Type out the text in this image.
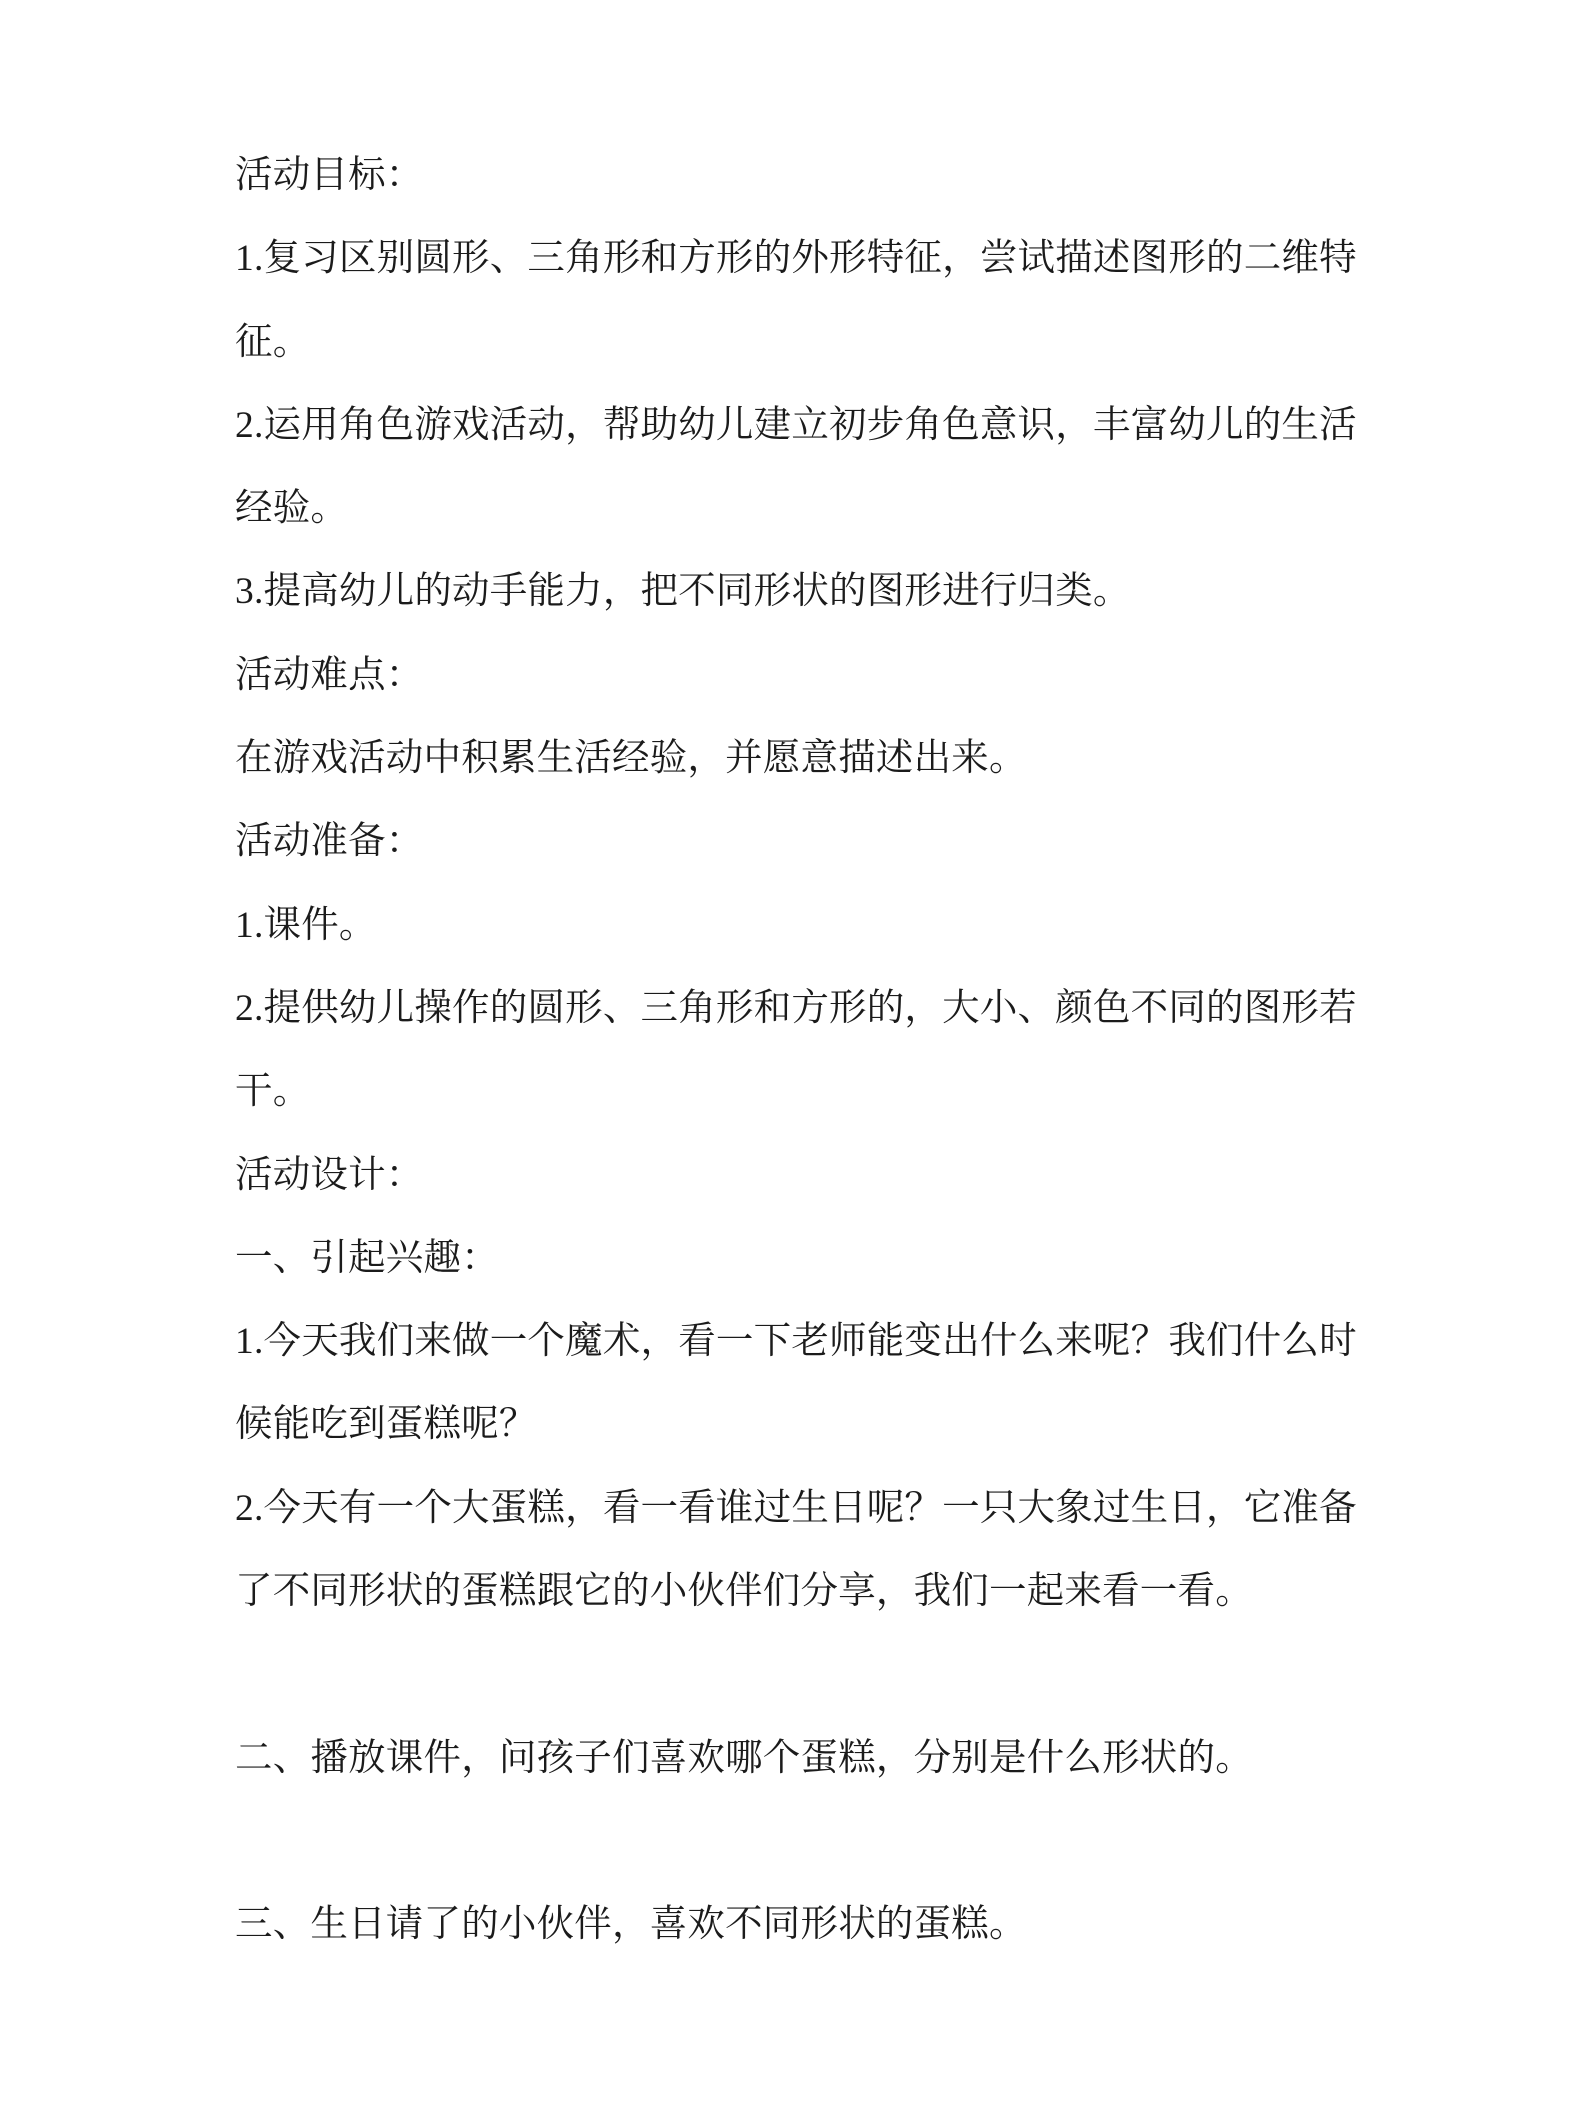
活动目标：
1.复习区别圆形、三角形和方形的外形特征，尝试描述图形的二维特
征。
2.运用角色游戏活动，帮助幼儿建立初步角色意识，丰富幼儿的生活
经验。
3.提高幼儿的动手能力，把不同形状的图形进行归类。
活动难点：
在游戏活动中积累生活经验，并愿意描述出来。
活动准备：
1.课件。
2.提供幼儿操作的圆形、三角形和方形的，大小、颜色不同的图形若
干。
活动设计：
一、引起兴趣：
1.今天我们来做一个魔术，看一下老师能变出什么来呢？我们什么时
候能吃到蛋糕呢？
2.今天有一个大蛋糕，看一看谁过生日呢？一只大象过生日，它准备
了不同形状的蛋糕跟它的小伙伴们分享，我们一起来看一看。
二、播放课件，问孩子们喜欢哪个蛋糕，分别是什么形状的。
三、生日请了的小伙伴，喜欢不同形状的蛋糕。
